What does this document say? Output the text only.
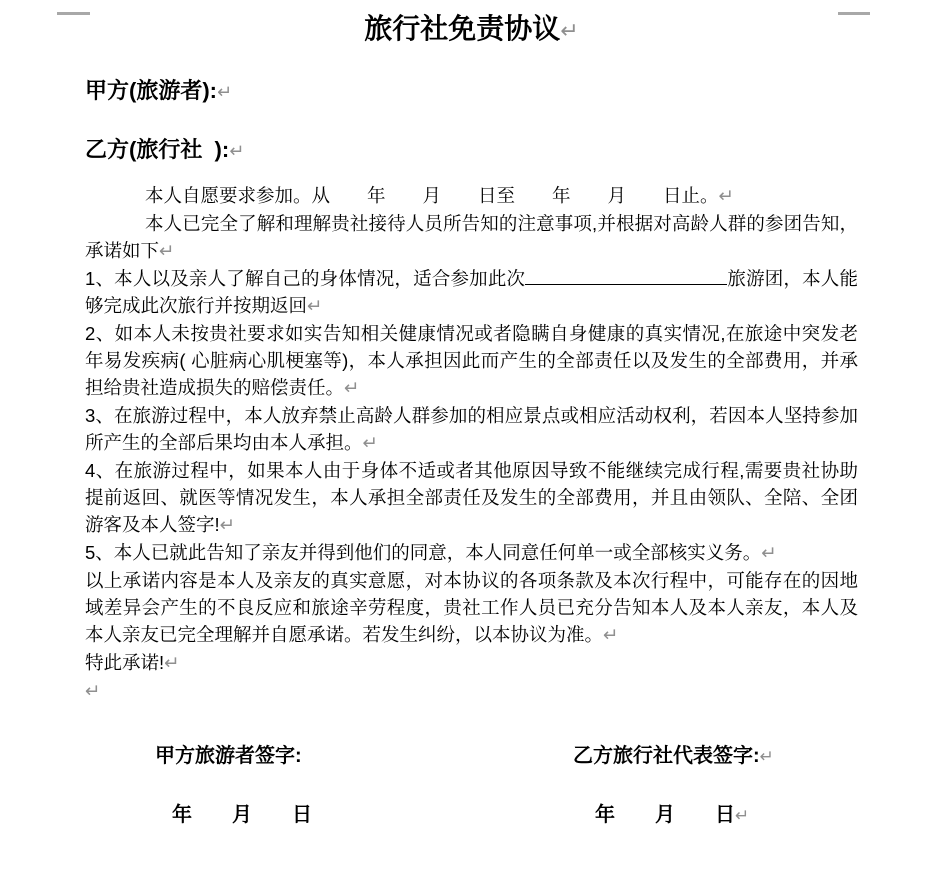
旅行社免责协议↵
甲方(旅游者):↵
乙方(旅行社  ):↵

本人自愿要求参加。从　　年　　月　　日至　　年　　月　　日止。↵

本人已完全了解和理解贵社接待人员所告知的注意事项,并根据对高龄人群的参团告知，承诺如下↵

1、本人以及亲人了解自己的身体情况，适合参加此次	旅游团，本人能够完成此次旅行并按期返回↵

2、如本人未按贵社要求如实告知相关健康情况或者隐瞒自身健康的真实情况,在旅途中突发老年易发疾病( 心脏病心肌梗塞等)，本人承担因此而产生的全部责任以及发生的全部费用，并承担给贵社造成损失的赔偿责任。↵

3、在旅游过程中，本人放弃禁止高龄人群参加的相应景点或相应活动权利，若因本人坚持参加所产生的全部后果均由本人承担。↵

4、在旅游过程中，如果本人由于身体不适或者其他原因导致不能继续完成行程,需要贵社协助提前返回、就医等情况发生，本人承担全部责任及发生的全部费用，并且由领队、全陪、全团游客及本人签字!↵

5、本人已就此告知了亲友并得到他们的同意，本人同意任何单一或全部核实义务。↵

以上承诺内容是本人及亲友的真实意愿，对本协议的各项条款及本次行程中，可能存在的因地域差异会产生的不良反应和旅途辛劳程度，贵社工作人员已充分告知本人及本人亲友，本人及本人亲友已完全理解并自愿承诺。若发生纠纷，以本协议为准。↵

特此承诺!↵

↵

甲方旅游者签字:

	乙方旅行社代表签字:↵

年　　月　　日

	年　　月　　日↵
